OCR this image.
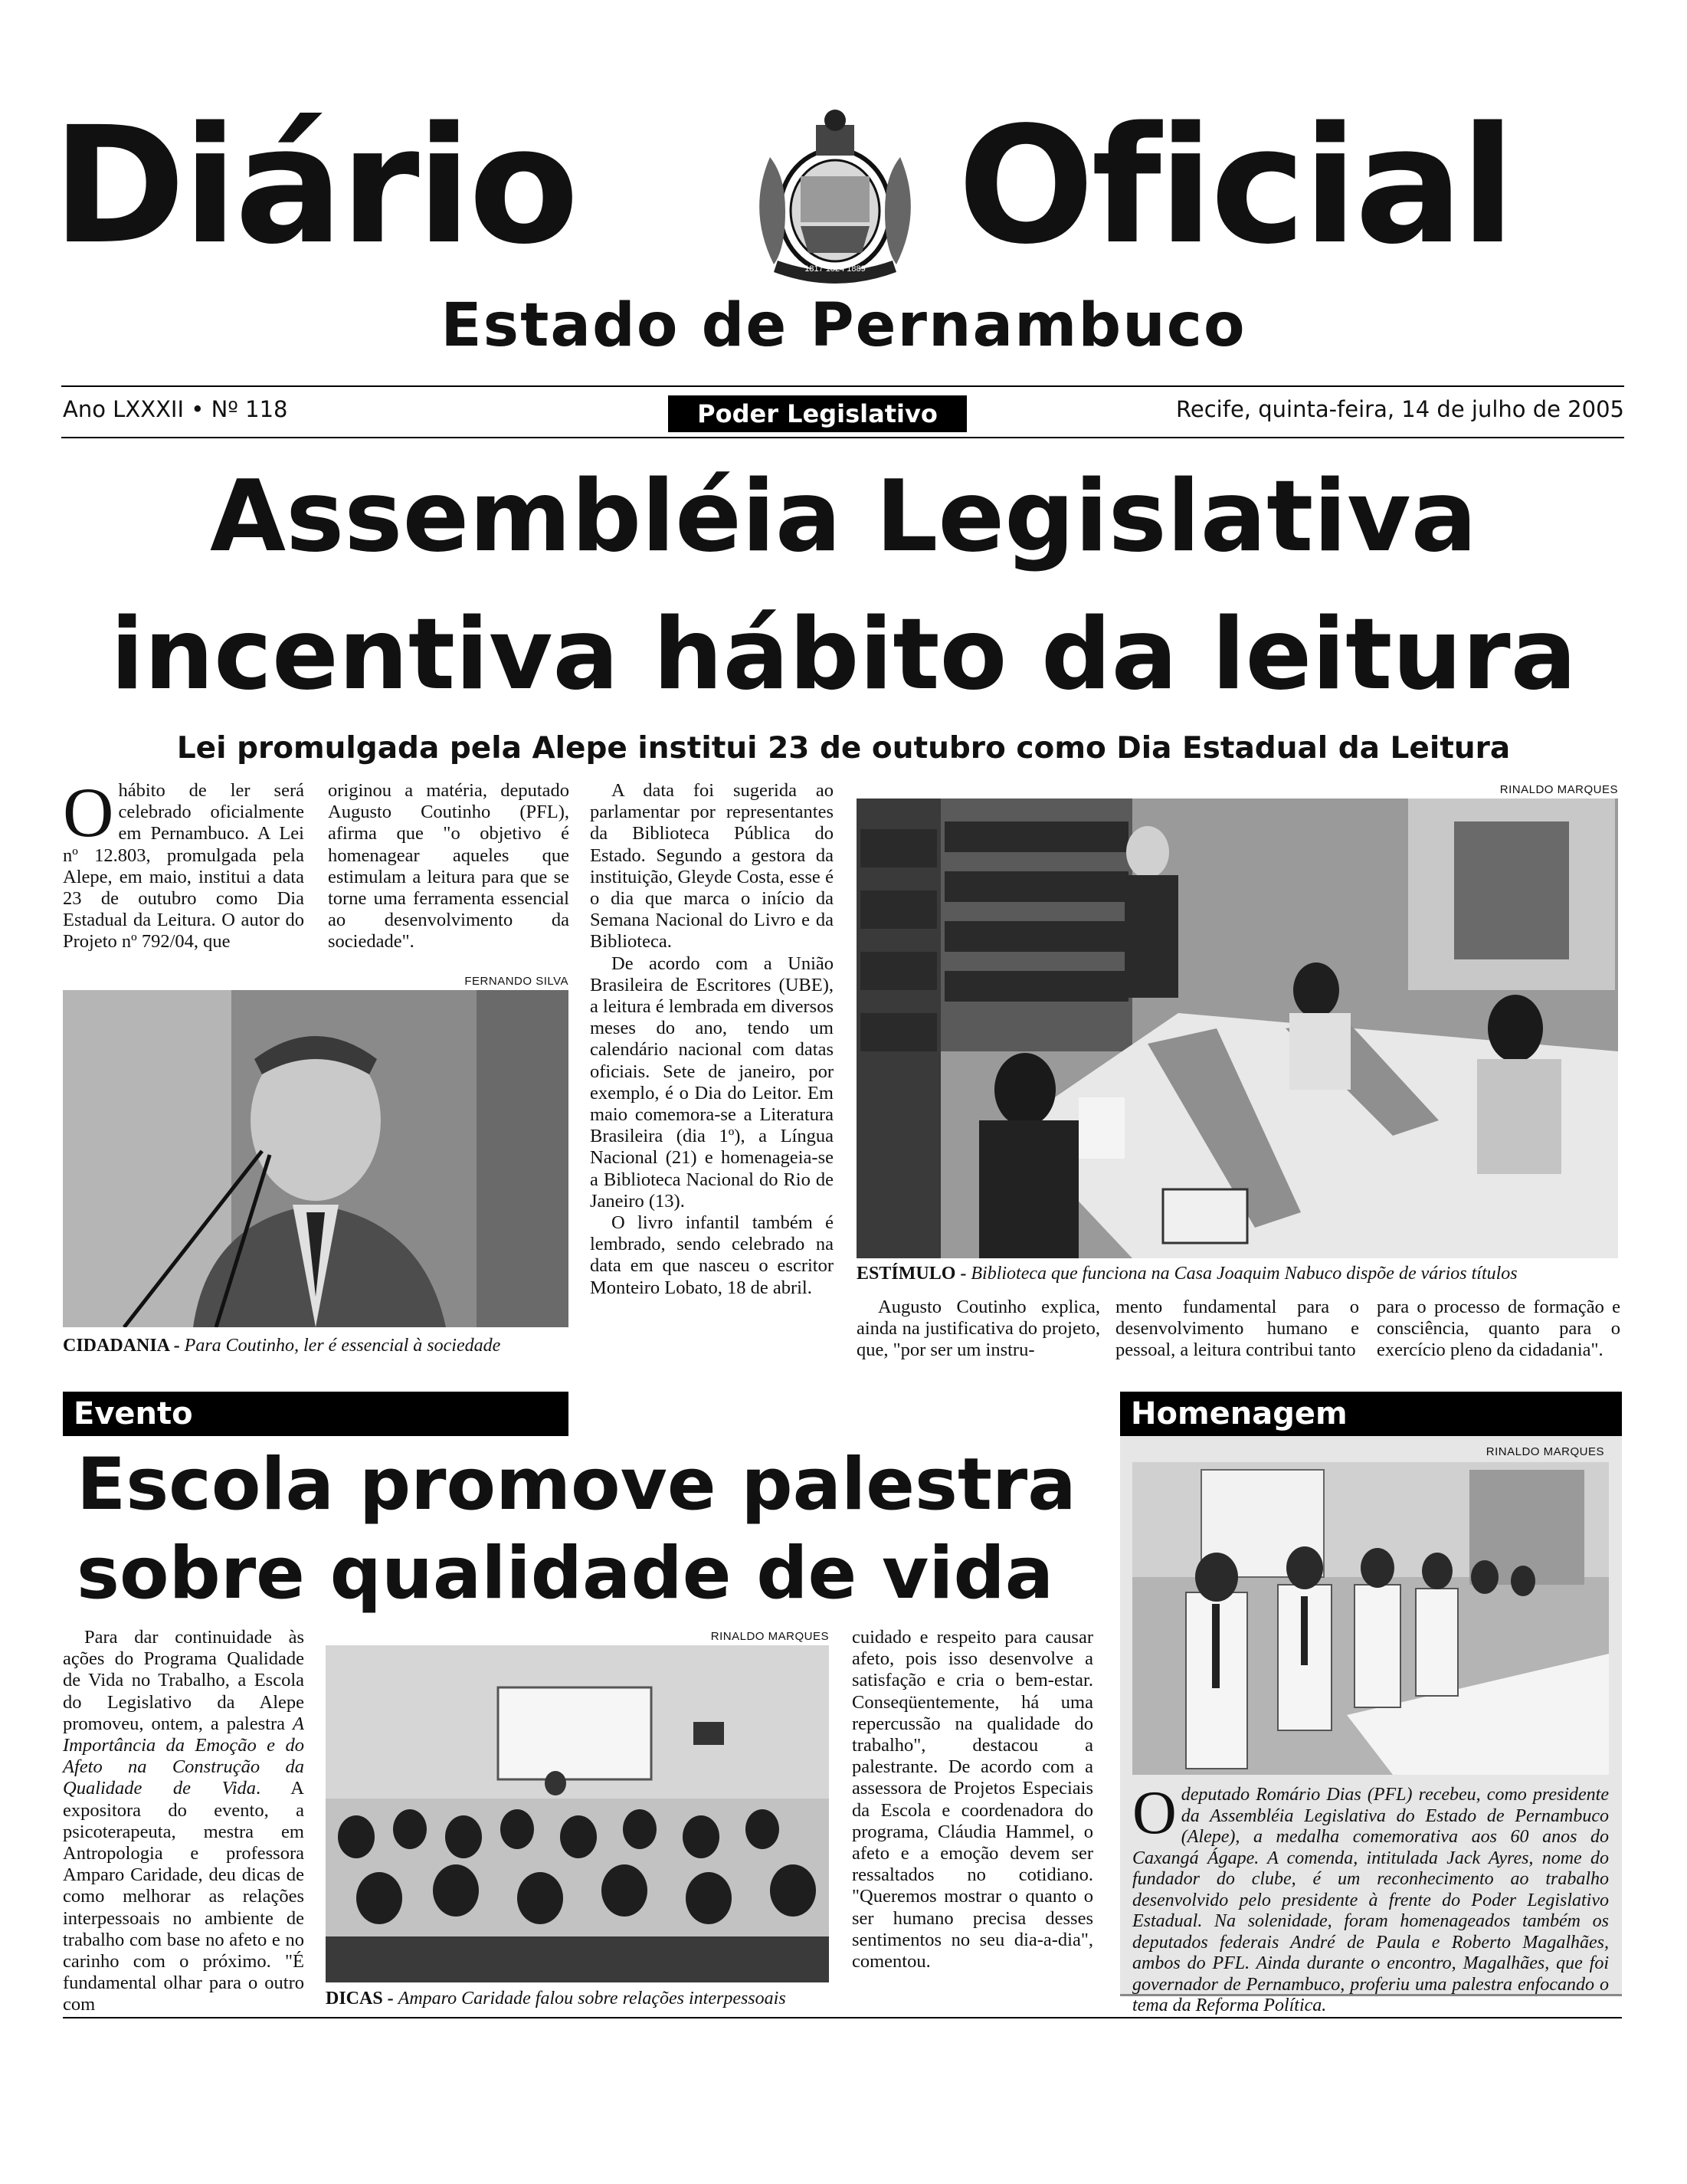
Diário	1817 1824 1889 Oficial
Estado de Pernambuco
Ano LXXXII • Nº 118	Poder Legislativo	Recife, quinta-feira, 14 de julho de 2005
Assembléia Legislativa
incentiva hábito da leitura
Lei promulgada pela Alepe institui 23 de outubro como Dia Estadual da Leitura

Ohábito de ler será celebrado oficialmente em Pernambuco. A Lei nº 12.803, promulgada pela Alepe, em maio, institui a data 23 de outubro como Dia Estadual da Leitura. O autor do Projeto nº 792/04, que

originou a matéria, deputado Augusto Coutinho (PFL), afirma que "o objetivo é homenagear aqueles que estimulam a leitura para que se torne uma ferramenta essencial ao desenvolvimento da sociedade".

FERNANDO SILVA
CIDADANIA - Para Coutinho, ler é essencial à sociedade

A data foi sugerida ao parlamentar por representantes da Biblioteca Pública do Estado. Segundo a gestora da instituição, Gleyde Costa, esse é o dia que marca o início da Semana Nacional do Livro e da Biblioteca.

De acordo com a União Brasileira de Escritores (UBE), a leitura é lembrada em diversos meses do ano, tendo um calendário nacional com datas oficiais. Sete de janeiro, por exemplo, é o Dia do Leitor. Em maio comemora-se a Literatura Brasileira (dia 1º), a Língua Nacional (21) e homenageia-se a Biblioteca Nacional do Rio de Janeiro (13).

O livro infantil também é lembrado, sendo celebrado na data em que nasceu o escritor Monteiro Lobato, 18 de abril.

RINALDO MARQUES
ESTÍMULO - Biblioteca que funciona na Casa Joaquim Nabuco dispõe de vários títulos

Augusto Coutinho explica, ainda na justificativa do projeto, que, "por ser um instru-

mento fundamental para o desenvolvimento humano e pessoal, a leitura contribui tanto

para o processo de formação e consciência, quanto para o exercício pleno da cidadania".

Evento
Escola promove palestra
sobre qualidade de vida

Para dar continuidade às ações do Programa Qualidade de Vida no Trabalho, a Escola do Legislativo da Alepe promoveu, ontem, a palestra A Importância da Emoção e do Afeto na Construção da Qualidade de Vida. A expositora do evento, a psicoterapeuta, mestra em Antropologia e professora Amparo Caridade, deu dicas de como melhorar as relações interpessoais no ambiente de trabalho com base no afeto e no carinho com o próximo. "É fundamental olhar para o outro com

RINALDO MARQUES
DICAS - Amparo Caridade falou sobre relações interpessoais

cuidado e respeito para causar afeto, pois isso desenvolve a satisfação e cria o bem-estar. Conseqüentemente, há uma repercussão na qualidade do trabalho", destacou a palestrante. De acordo com a assessora de Projetos Especiais da Escola e coordenadora do programa, Cláudia Hammel, o afeto e a emoção devem ser ressaltados no cotidiano. "Queremos mostrar o quanto o ser humano precisa desses sentimentos no seu dia-a-dia", comentou.

Homenagem
RINALDO MARQUES

Odeputado Romário Dias (PFL) recebeu, como presidente da Assembléia Legislativa do Estado de Pernambuco (Alepe), a medalha comemorativa aos 60 anos do Caxangá Ágape. A comenda, intitulada Jack Ayres, nome do fundador do clube, é um reconhecimento ao trabalho desenvolvido pelo presidente à frente do Poder Legislativo Estadual. Na solenidade, foram homenageados também os deputados federais André de Paula e Roberto Magalhães, ambos do PFL. Ainda durante o encontro, Magalhães, que foi governador de Pernambuco, proferiu uma palestra enfocando o tema da Reforma Política.
